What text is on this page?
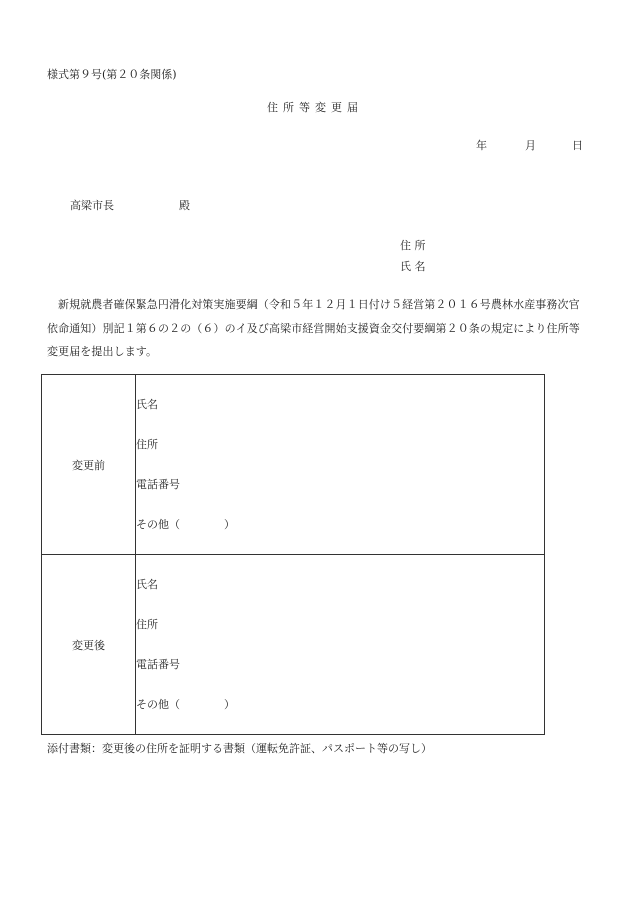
様式第９号(第２０条関係)
住所等変更届
年	月	日
高梁市長	殿
住 所
氏 名

新規就農者確保緊急円滑化対策実施要綱（令和５年１２月１日付け５経営第２０１６号農林水産事務次官依命通知）別記１第６の２の（６）のイ及び高梁市経営開始支援資金交付要綱第２０条の規定により住所等変更届を提出します。

変更前	氏名
住所
電話番号
その他（　　　　）

変更後	氏名
住所
電話番号
その他（　　　　）
添付書類：変更後の住所を証明する書類（運転免許証、パスポート等の写し）
